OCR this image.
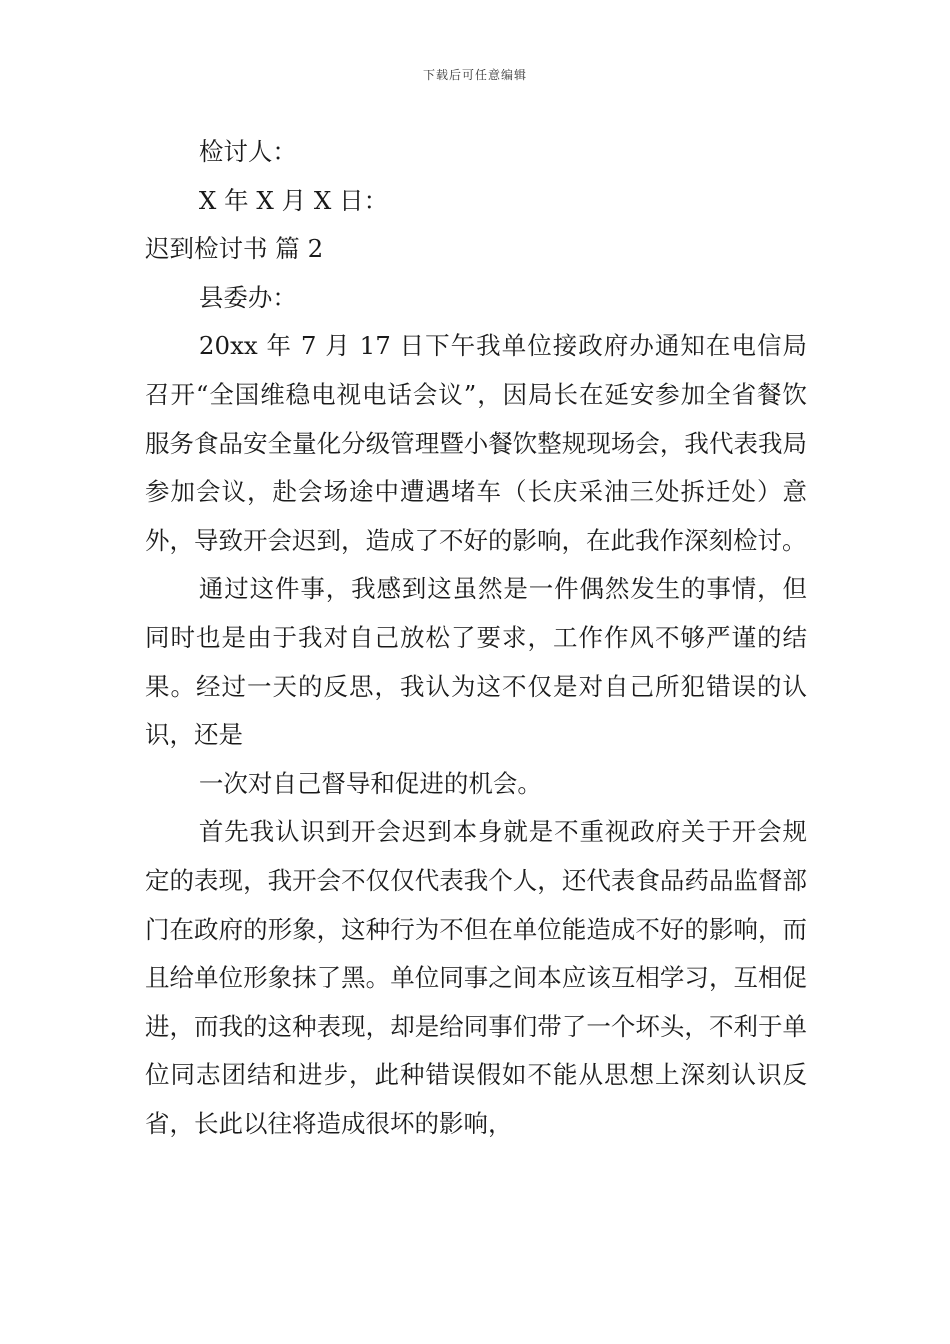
下载后可任意编辑

检讨人：

X 年 X 月 X 日：

迟到检讨书 篇 2

县委办：

20xx 年 7 月 17 日下午我单位接政府办通知在电信局召开“全国维稳电视电话会议”，因局长在延安参加全省餐饮服务食品安全量化分级管理暨小餐饮整规现场会，我代表我局参加会议，赴会场途中遭遇堵车（长庆采油三处拆迁处）意外，导致开会迟到，造成了不好的影响，在此我作深刻检讨。

通过这件事，我感到这虽然是一件偶然发生的事情，但同时也是由于我对自己放松了要求，工作作风不够严谨的结果。经过一天的反思，我认为这不仅是对自己所犯错误的认识，还是

一次对自己督导和促进的机会。

首先我认识到开会迟到本身就是不重视政府关于开会规定的表现，我开会不仅仅代表我个人，还代表食品药品监督部门在政府的形象，这种行为不但在单位能造成不好的影响，而且给单位形象抹了黑。单位同事之间本应该互相学习，互相促进，而我的这种表现，却是给同事们带了一个坏头，不利于单位同志团结和进步，此种错误假如不能从思想上深刻认识反省，长此以往将造成很坏的影响，
